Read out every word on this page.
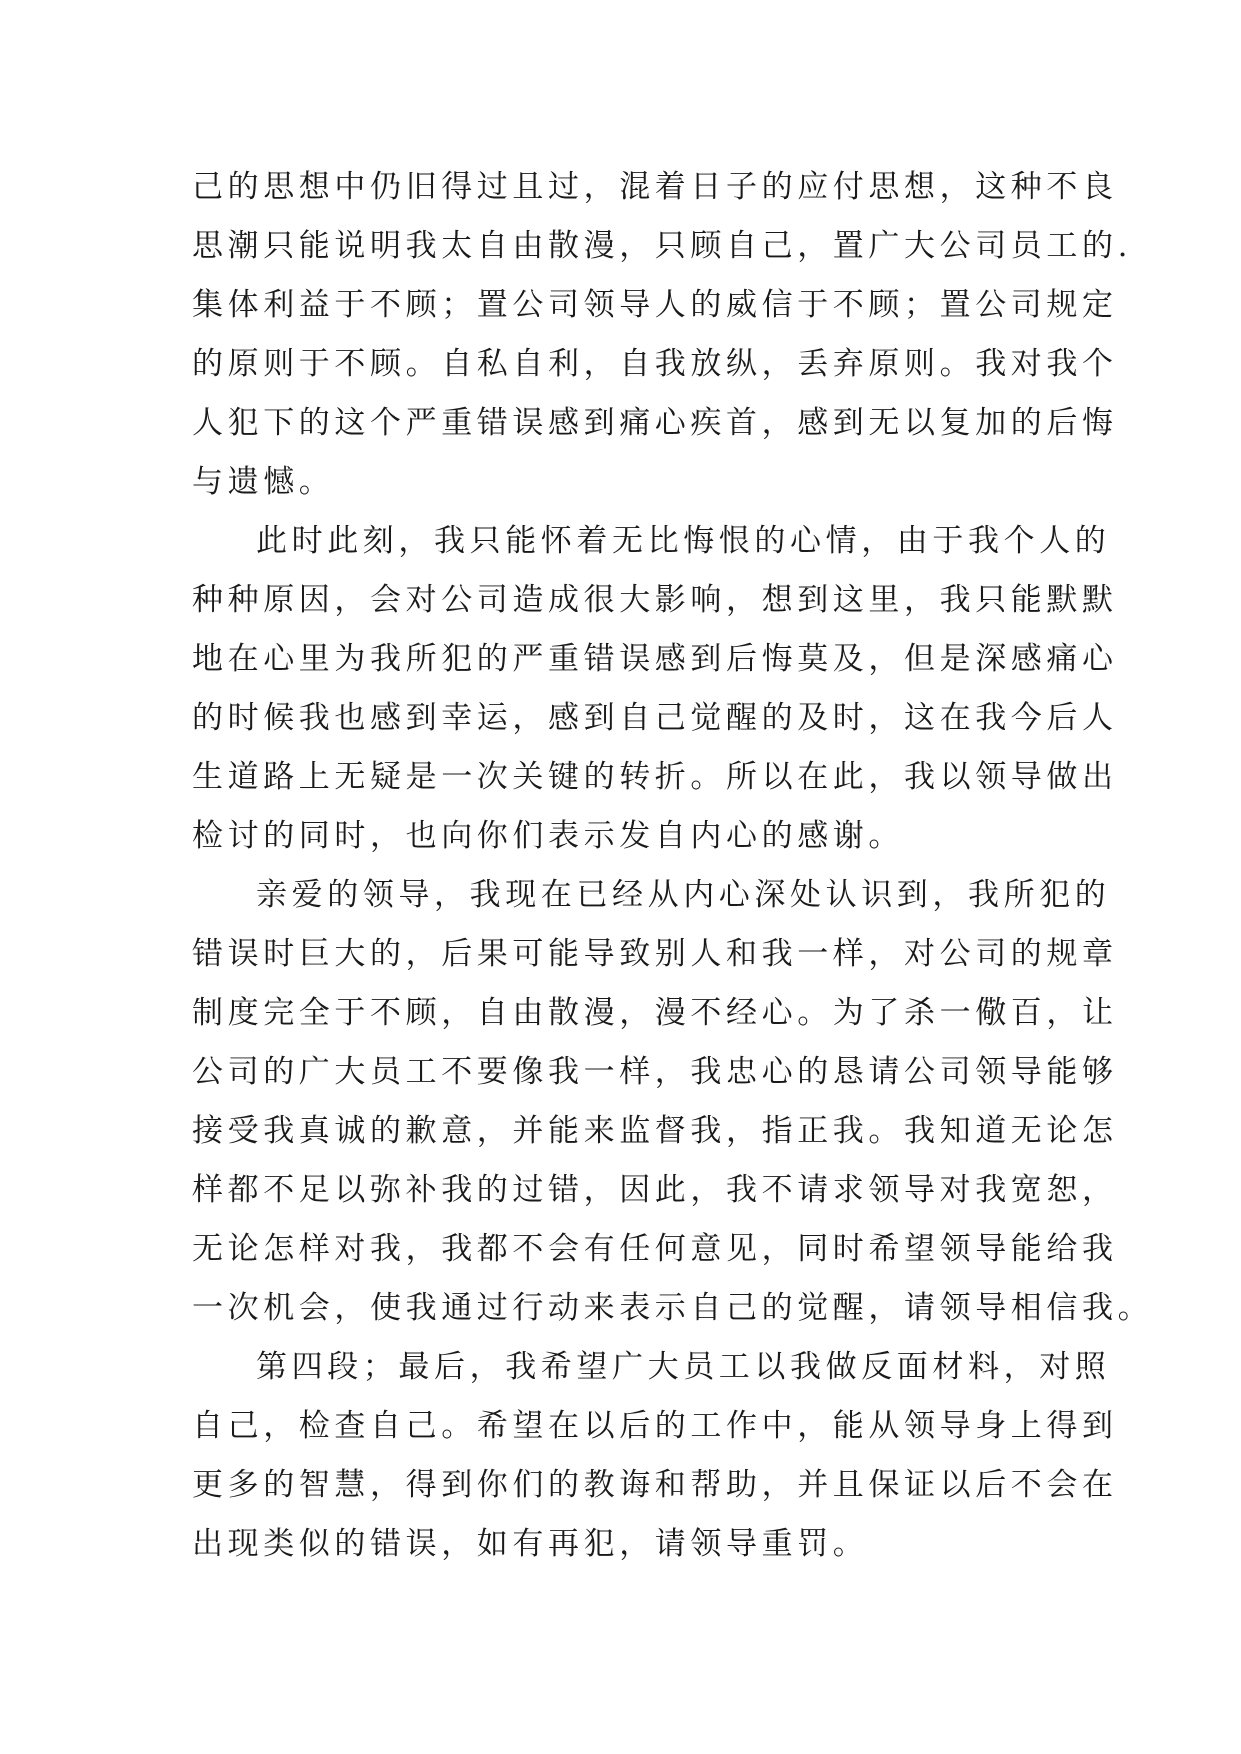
己的思想中仍旧得过且过，混着日子的应付思想，这种不良
思潮只能说明我太自由散漫，只顾自己，置广大公司员工的.
集体利益于不顾；置公司领导人的威信于不顾；置公司规定
的原则于不顾。自私自利，自我放纵，丢弃原则。我对我个
人犯下的这个严重错误感到痛心疾首，感到无以复加的后悔
与遗憾。
此时此刻，我只能怀着无比悔恨的心情，由于我个人的
种种原因，会对公司造成很大影响，想到这里，我只能默默
地在心里为我所犯的严重错误感到后悔莫及，但是深感痛心
的时候我也感到幸运，感到自己觉醒的及时，这在我今后人
生道路上无疑是一次关键的转折。所以在此，我以领导做出
检讨的同时，也向你们表示发自内心的感谢。
亲爱的领导，我现在已经从内心深处认识到，我所犯的
错误时巨大的，后果可能导致别人和我一样，对公司的规章
制度完全于不顾，自由散漫，漫不经心。为了杀一儆百，让
公司的广大员工不要像我一样，我忠心的恳请公司领导能够
接受我真诚的歉意，并能来监督我，指正我。我知道无论怎
样都不足以弥补我的过错，因此，我不请求领导对我宽恕，
无论怎样对我，我都不会有任何意见，同时希望领导能给我
一次机会，使我通过行动来表示自己的觉醒，请领导相信我。
第四段；最后，我希望广大员工以我做反面材料，对照
自己，检查自己。希望在以后的工作中，能从领导身上得到
更多的智慧，得到你们的教诲和帮助，并且保证以后不会在
出现类似的错误，如有再犯，请领导重罚。
